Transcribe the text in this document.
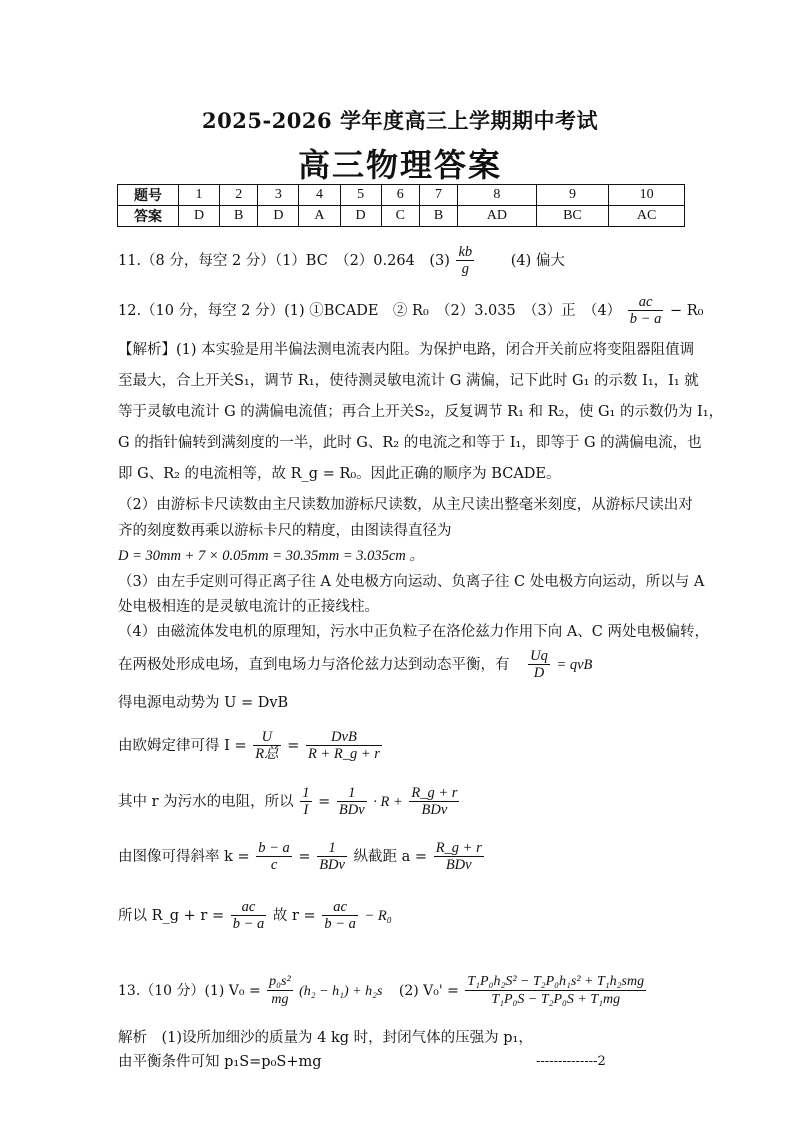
2025-2026 学年度高三上学期期中考试
高三物理答案
题号	1	2	3	4	5	6	7	8	9	10
答案	D	B	D	A	D	C	B	AD	BC	AC
11.（8 分，每空 2 分）（1）BC　（2）0.264　$(3) \frac{kb}{g}$	(4) 偏大
12.（10 分，每空 2 分）(1) ①BCADE　② R₀　（2）3.035　（3）正　$(4) \frac{ac}{b - a} - R_0$
【解析】(1) 本实验是用半偏法测电流表内阻。为保护电路，闭合开关前应将变阻器阻值调
至最大，合上开关S₁，调节 R₁，使待测灵敏电流计 G 满偏，记下此时 G₁ 的示数 I₁，I₁ 就
等于灵敏电流计 G 的满偏电流值；再合上开关S₂，反复调节 R₁ 和 R₂，使 G₁ 的示数仍为 I₁，
G 的指针偏转到满刻度的一半，此时 G、R₂ 的电流之和等于 I₁，即等于 G 的满偏电流，也
即 G、R₂ 的电流相等，故 R_g = R₀。因此正确的顺序为 BCADE。
（2）由游标卡尺读数由主尺读数加游标尺读数，从主尺读出整毫米刻度，从游标尺读出对
齐的刻度数再乘以游标卡尺的精度，由图读得直径为
D = 30mm + 7 × 0.05mm = 30.35mm = 3.035cm 。
（3）由左手定则可得正离子往 A 处电极方向运动、负离子往 C 处电极方向运动，所以与 A
处电极相连的是灵敏电流计的正接线柱。
（4）由磁流体发电机的原理知，污水中正负粒子在洛伦兹力作用下向 A、C 两处电极偏转，
在两极处形成电场，直到电场力与洛伦兹力达到动态平衡，有 $\frac{Uq}{D}$ = qvB
得电源电动势为 U = DvB
由欧姆定律可得 $I = \frac{U}{\text{R总}} = \frac{\text{DvB}}{R + R\_g + r}$
其中 r 为污水的电阻，所以 $\frac{1}{I} = \frac{1}{\text{BDv}} \cdot R + \frac{R\_g + r}{\text{BDv}}$
由图像可得斜率 $k = \frac{b - a}{c} = \frac{1}{\text{BDv}}$ 纵截距 $a = \frac{R\_g + r}{\text{BDv}}$
所以 R_g + $r = \frac{ac}{b - a}$ 故 $r = \frac{ac}{b - a} - R_0$
13.（10 分）(1) $V_0 = \frac{\text{p₀s²}}{mg} (h_2 - h_1) + h_2s$ (2) $V_0' = \frac{\text{T₁P₀h₂S² − T₂P₀h₁s² + T₁h₂smg}}{\text{T₁P₀S − T₂P₀S + T₁mg}}$
解析　(1)设所加细沙的质量为 4 kg 时，封闭气体的压强为 p₁，
由平衡条件可知 p₁S=p₀S+mg	--------------2
